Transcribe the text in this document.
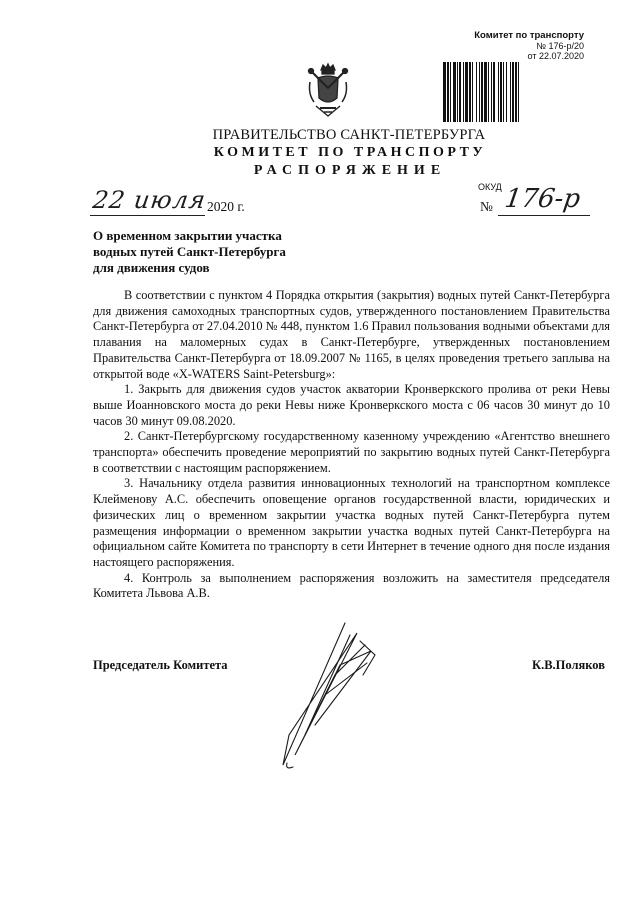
Комитет по транспорту
№ 176-р/20
от 22.07.2020
ПРАВИТЕЛЬСТВО САНКТ-ПЕТЕРБУРГА
КОМИТЕТ ПО ТРАНСПОРТУ
РАСПОРЯЖЕНИЕ
ОКУД
22 июля 2020 г.	№ 176-р
О временном закрытии участка
водных путей Санкт-Петербурга
для движения судов

В соответствии с пунктом 4 Порядка открытия (закрытия) водных путей Санкт-Петербурга для движения самоходных транспортных судов, утвержденного постановлением Правительства Санкт-Петербурга от 27.04.2010 № 448, пунктом 1.6 Правил пользования водными объектами для плавания на маломерных судах в Санкт-Петербурге, утвержденных постановлением Правительства Санкт-Петербурга от 18.09.2007 № 1165, в целях проведения третьего заплыва на открытой воде «X-WATERS Saint-Petersburg»:

1. Закрыть для движения судов участок акватории Кронверкского пролива от реки Невы выше Иоанновского моста до реки Невы ниже Кронверкского моста с 06 часов 30 минут до 10 часов 30 минут 09.08.2020.

2. Санкт-Петербургскому государственному казенному учреждению «Агентство внешнего транспорта» обеспечить проведение мероприятий по закрытию водных путей Санкт-Петербурга в соответствии с настоящим распоряжением.

3. Начальнику отдела развития инновационных технологий на транспортном комплексе Клейменову А.С. обеспечить оповещение органов государственной власти, юридических и физических лиц о временном закрытии участка водных путей Санкт-Петербурга путем размещения информации о временном закрытии участка водных путей Санкт-Петербурга на официальном сайте Комитета по транспорту в сети Интернет в течение одного дня после издания настоящего распоряжения.

4. Контроль за выполнением распоряжения возложить на заместителя председателя Комитета Львова А.В.

Председатель Комитета	К.В.Поляков
